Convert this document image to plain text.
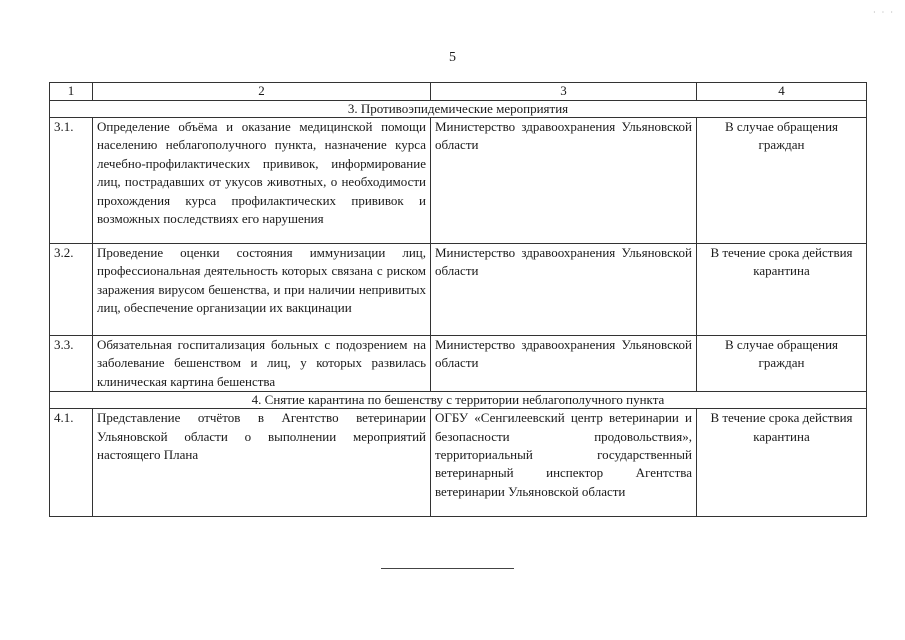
· · ·
5
1	2	3	4
3. Противоэпидемические мероприятия			
3.1.	Определение объёма и оказание медицинской помощи населению неблагополучного пункта, назначение курса лечебно-профилактических прививок, информирование лиц, пострадавших от укусов животных, о необходимости прохождения курса профилактических прививок и возможных последствиях его нарушения	Министерство здравоохранения Ульяновской области	В случае обращения граждан
3.2.	Проведение оценки состояния иммунизации лиц, профессиональная деятельность которых связана с риском заражения вирусом бешенства, и при наличии непривитых лиц, обеспечение организации их вакцинации	Министерство здравоохранения Ульяновской области	В течение срока действия карантина
3.3.	Обязательная госпитализация больных с подозрением на заболевание бешенством и лиц, у которых развилась клиническая картина бешенства	Министерство здравоохранения Ульяновской области	В случае обращения граждан
4. Снятие карантина по бешенству с территории неблагополучного пункта			
4.1.	Представление отчётов в Агентство ветеринарии Ульяновской области о выполнении мероприятий настоящего Плана	ОГБУ «Сенгилеевский центр ветеринарии и безопасности продовольствия», территориальный государственный ветеринарный инспектор Агентства ветеринарии Ульяновской области	В течение срока действия карантина
